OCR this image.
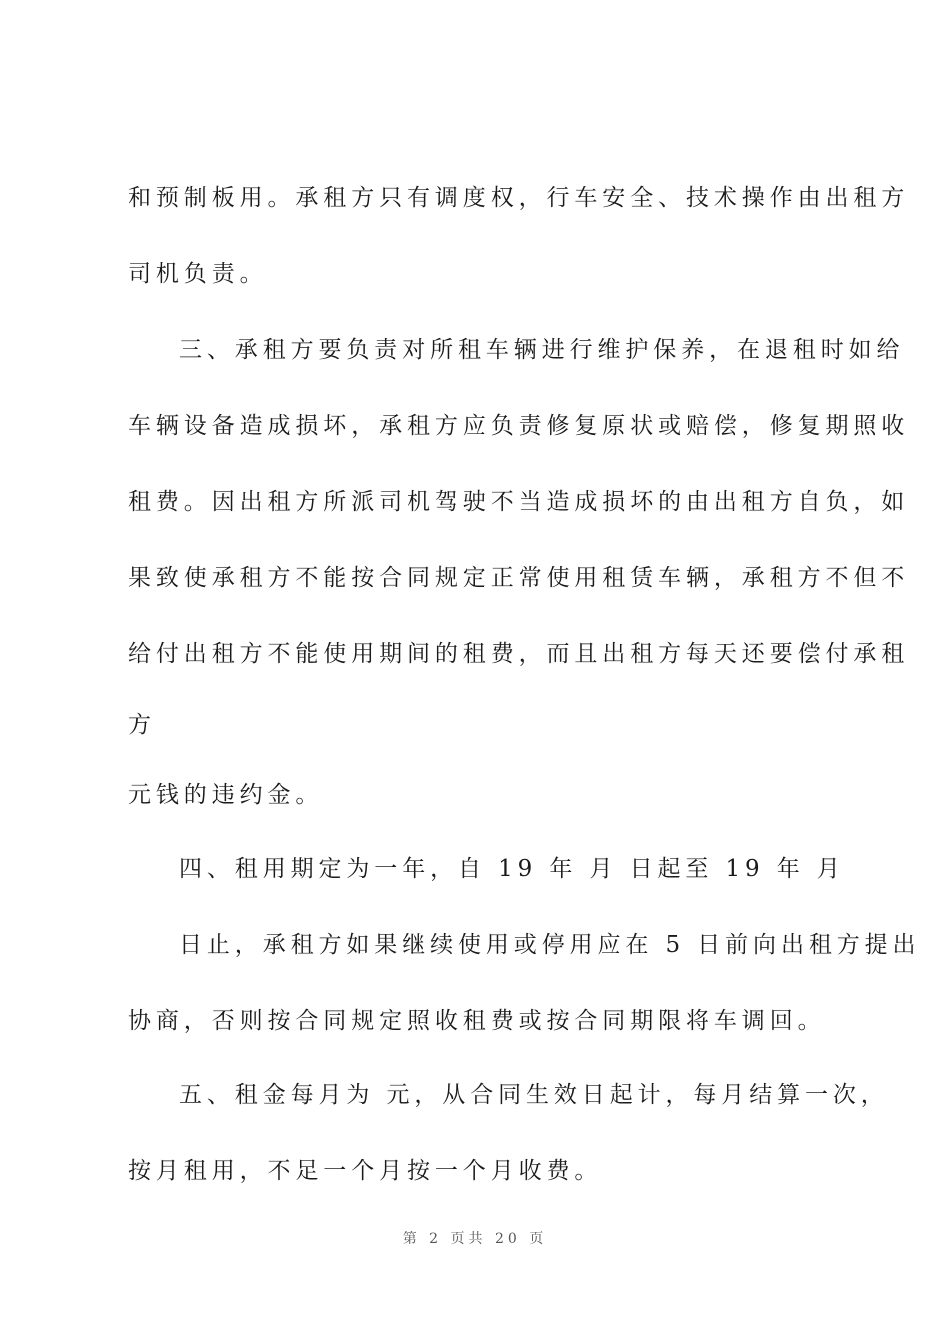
和预制板用。承租方只有调度权，行车安全、技术操作由出租方
司机负责。
三、承租方要负责对所租车辆进行维护保养，在退租时如给
车辆设备造成损坏，承租方应负责修复原状或赔偿，修复期照收
租费。因出租方所派司机驾驶不当造成损坏的由出租方自负，如
果致使承租方不能按合同规定正常使用租赁车辆，承租方不但不
给付出租方不能使用期间的租费，而且出租方每天还要偿付承租
方
元钱的违约金。
四、租用期定为一年，自 19 年 月 日起至 19 年 月
日止，承租方如果继续使用或停用应在 5 日前向出租方提出
协商，否则按合同规定照收租费或按合同期限将车调回。
五、租金每月为 元，从合同生效日起计，每月结算一次，
按月租用，不足一个月按一个月收费。
第 2 页共 20 页
